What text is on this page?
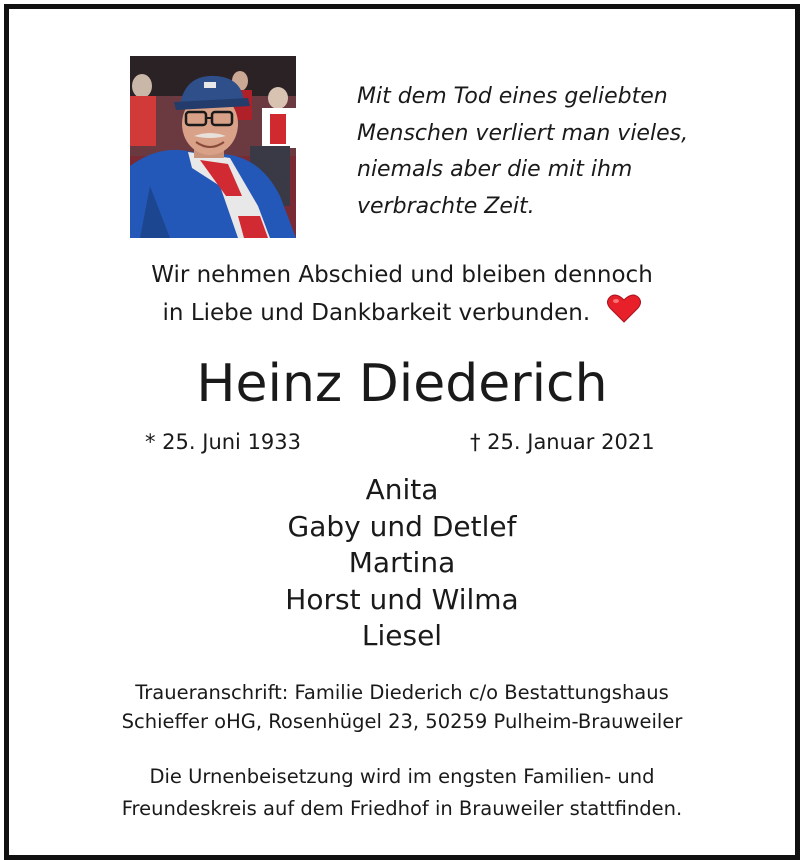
Mit dem Tod eines geliebten
Menschen verliert man vieles,
niemals aber die mit ihm
verbrachte Zeit.
Wir nehmen Abschied und bleiben dennoch
in Liebe und Dankbarkeit verbunden.
Heinz Diederich
* 25. Juni 1933	† 25. Januar 2021
Anita
Gaby und Detlef
Martina
Horst und Wilma
Liesel
Traueranschrift: Familie Diederich c/o Bestattungshaus
Schieffer oHG, Rosenhügel 23, 50259 Pulheim-Brauweiler
Die Urnenbeisetzung wird im engsten Familien- und
Freundeskreis auf dem Friedhof in Brauweiler stattfinden.
